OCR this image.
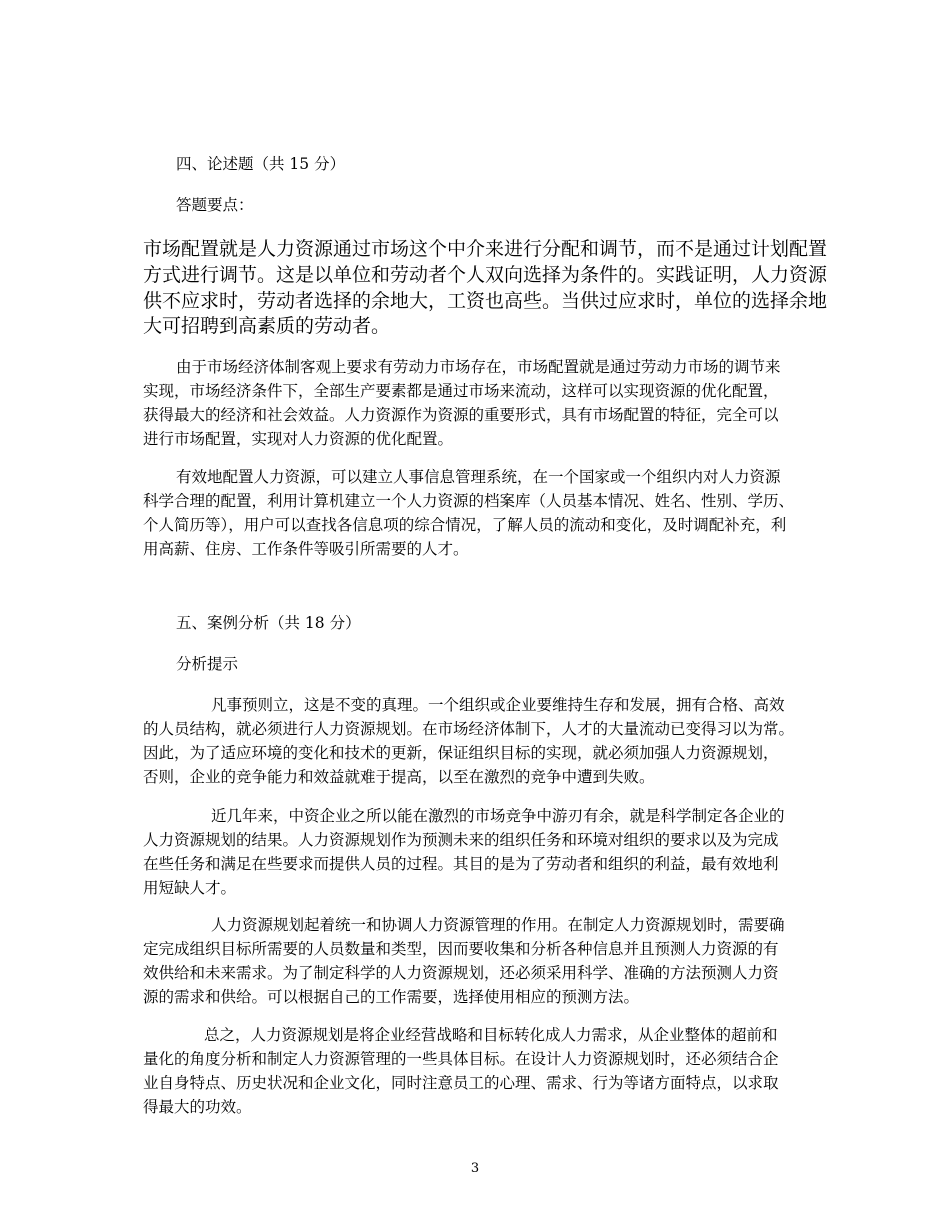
四、论述题（共 15 分）
答题要点：
市场配置就是人力资源通过市场这个中介来进行分配和调节，而不是通过计划配置
方式进行调节。这是以单位和劳动者个人双向选择为条件的。实践证明，人力资源
供不应求时，劳动者选择的余地大，工资也高些。当供过应求时，单位的选择余地
大可招聘到高素质的劳动者。
由于市场经济体制客观上要求有劳动力市场存在，市场配置就是通过劳动力市场的调节来
实现，市场经济条件下，全部生产要素都是通过市场来流动，这样可以实现资源的优化配置，
获得最大的经济和社会效益。人力资源作为资源的重要形式，具有市场配置的特征，完全可以
进行市场配置，实现对人力资源的优化配置。
有效地配置人力资源，可以建立人事信息管理系统，在一个国家或一个组织内对人力资源
科学合理的配置，利用计算机建立一个人力资源的档案库（人员基本情况、姓名、性别、学历、
个人简历等），用户可以查找各信息项的综合情况，了解人员的流动和变化，及时调配补充，利
用高薪、住房、工作条件等吸引所需要的人才。
五、案例分析（共 18 分）
分析提示
凡事预则立，这是不变的真理。一个组织或企业要维持生存和发展，拥有合格、高效
的人员结构，就必须进行人力资源规划。在市场经济体制下，人才的大量流动已变得习以为常。
因此，为了适应环境的变化和技术的更新，保证组织目标的实现，就必须加强人力资源规划，
否则，企业的竞争能力和效益就难于提高，以至在激烈的竞争中遭到失败。
近几年来，中资企业之所以能在激烈的市场竞争中游刃有余，就是科学制定各企业的
人力资源规划的结果。人力资源规划作为预测未来的组织任务和环境对组织的要求以及为完成
在些任务和满足在些要求而提供人员的过程。其目的是为了劳动者和组织的利益，最有效地利
用短缺人才。
人力资源规划起着统一和协调人力资源管理的作用。在制定人力资源规划时，需要确
定完成组织目标所需要的人员数量和类型，因而要收集和分析各种信息并且预测人力资源的有
效供给和未来需求。为了制定科学的人力资源规划，还必须采用科学、准确的方法预测人力资
源的需求和供给。可以根据自己的工作需要，选择使用相应的预测方法。
总之，人力资源规划是将企业经营战略和目标转化成人力需求，从企业整体的超前和
量化的角度分析和制定人力资源管理的一些具体目标。在设计人力资源规划时，还必须结合企
业自身特点、历史状况和企业文化，同时注意员工的心理、需求、行为等诸方面特点，以求取
得最大的功效。
3
